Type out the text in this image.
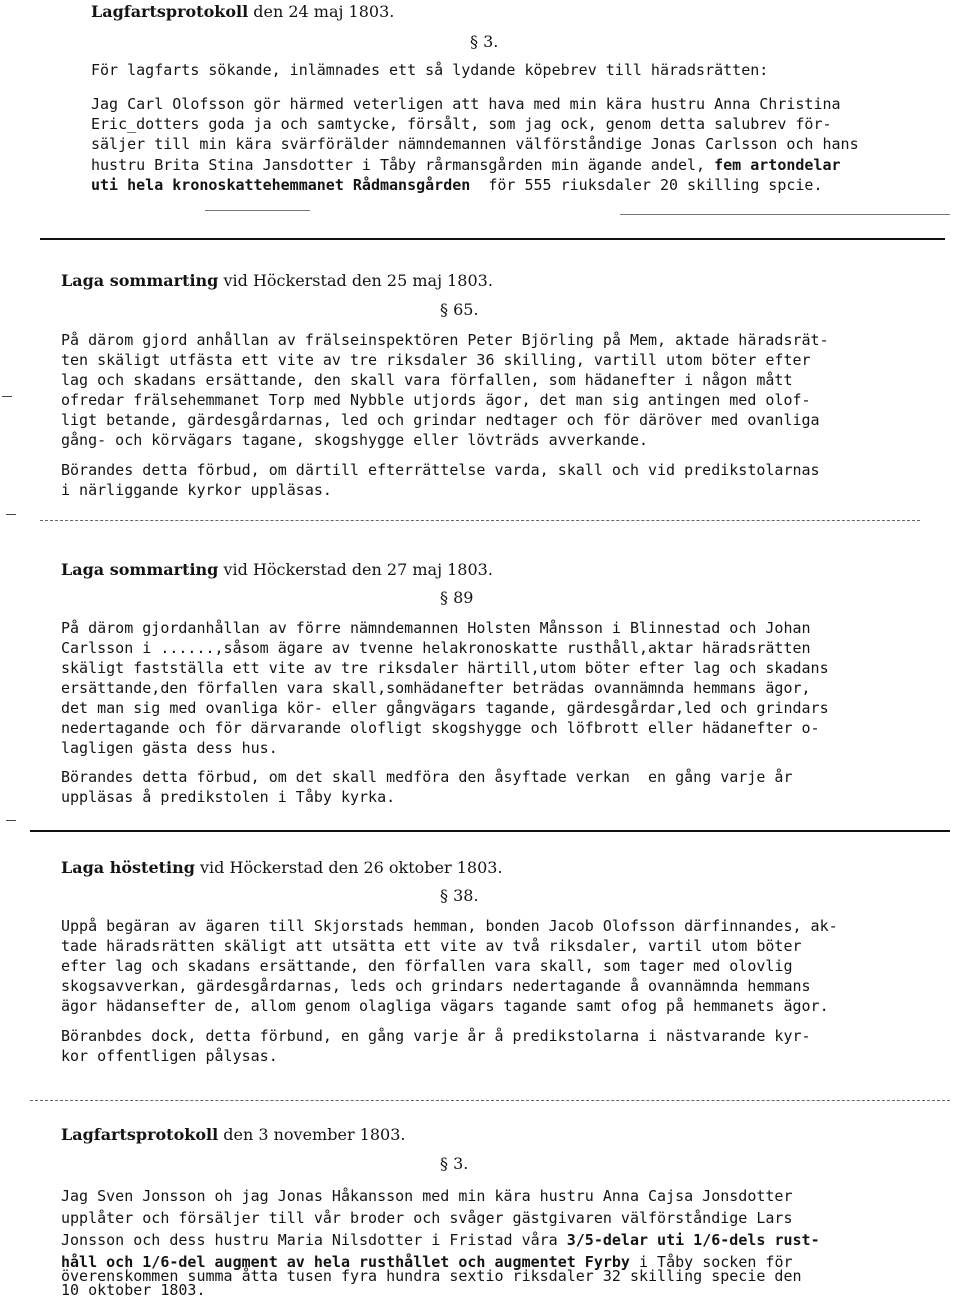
Lagfartsprotokoll den 24 maj 1803.
§ 3.
För lagfarts sökande, inlämnades ett så lydande köpebrev till häradsrätten:
Jag Carl Olofsson gör härmed veterligen att hava med min kära hustru Anna Christina
Eric_dotters goda ja och samtycke, försålt, som jag ock, genom detta salubrev för-
säljer till min kära svärförälder nämndemannen välförståndige Jonas Carlsson och hans
hustru Brita Stina Jansdotter i Tåby rårmansgården min ägande andel, fem artondelar
uti hela kronoskattehemmanet Rådmansgården  för 555 riuksdaler 20 skilling spcie.
Laga sommarting vid Höckerstad den 25 maj 1803.
§ 65.
På därom gjord anhållan av frälseinspektören Peter Björling på Mem, aktade häradsrät-
ten skäligt utfästa ett vite av tre riksdaler 36 skilling, vartill utom böter efter
lag och skadans ersättande, den skall vara förfallen, som hädanefter i någon mått
ofredar frälsehemmanet Torp med Nybble utjords ägor, det man sig antingen med olof-
ligt betande, gärdesgårdarnas, led och grindar nedtager och för däröver med ovanliga
gång- och körvägars tagane, skogshygge eller lövträds avverkande.
Börandes detta förbud, om därtill efterrättelse varda, skall och vid predikstolarnas
i närliggande kyrkor uppläsas.
Laga sommarting vid Höckerstad den 27 maj 1803.
§ 89
På därom gjordanhållan av förre nämndemannen Holsten Månsson i Blinnestad och Johan
Carlsson i ......,såsom ägare av tvenne helakronoskatte rusthåll,aktar häradsrätten
skäligt fastställa ett vite av tre riksdaler härtill,utom böter efter lag och skadans
ersättande,den förfallen vara skall,somhädanefter beträdas ovannämnda hemmans ägor,
det man sig med ovanliga kör- eller gångvägars tagande, gärdesgårdar,led och grindars
nedertagande och för därvarande olofligt skogshygge och löfbrott eller hädanefter o-
lagligen gästa dess hus.
Börandes detta förbud, om det skall medföra den åsyftade verkan  en gång varje år
uppläsas å predikstolen i Tåby kyrka.
Laga hösteting vid Höckerstad den 26 oktober 1803.
§ 38.
Uppå begäran av ägaren till Skjorstads hemman, bonden Jacob Olofsson därfinnandes, ak-
tade häradsrätten skäligt att utsätta ett vite av två riksdaler, vartil utom böter
efter lag och skadans ersättande, den förfallen vara skall, som tager med olovlig
skogsavverkan, gärdesgårdarnas, leds och grindars nedertagande å ovannämnda hemmans
ägor hädansefter de, allom genom olagliga vägars tagande samt ofog på hemmanets ägor.
Böranbdes dock, detta förbund, en gång varje år å predikstolarna i nästvarande kyr-
kor offentligen pålysas.
Lagfartsprotokoll den 3 november 1803.
§ 3.
Jag Sven Jonsson oh jag Jonas Håkansson med min kära hustru Anna Cajsa Jonsdotter
upplåter och försäljer till vår broder och svåger gästgivaren välförståndige Lars
Jonsson och dess hustru Maria Nilsdotter i Fristad våra 3/5-delar uti 1/6-dels rust-
håll och 1/6-del augment av hela rusthållet och augmentet Fyrby i Tåby socken för
överenskommen summa åtta tusen fyra hundra sextio riksdaler 32 skilling specie den
10 oktober 1803.
